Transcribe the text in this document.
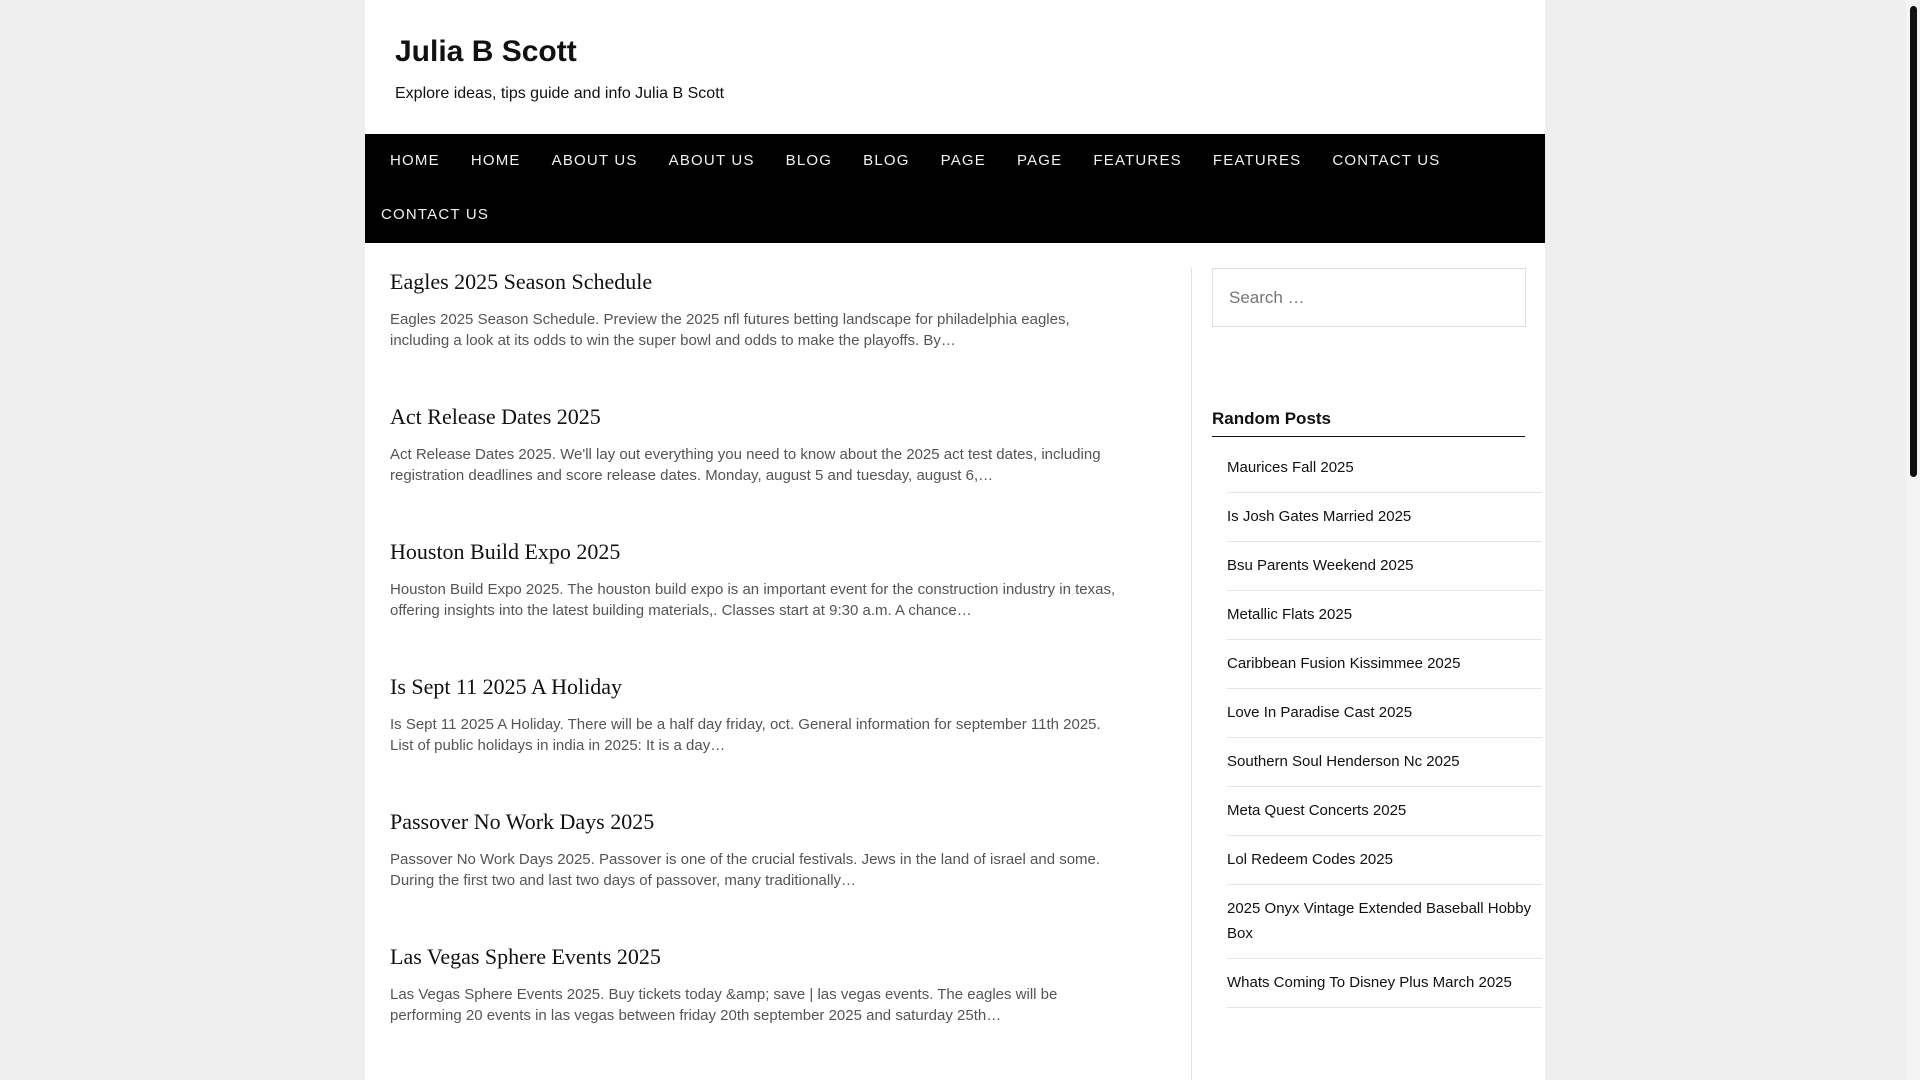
Julia B Scott

Explore ideas, tips guide and info Julia B Scott

HOME	HOME	ABOUT US	ABOUT US	BLOG	BLOG	PAGE	PAGE	FEATURES	FEATURES	CONTACT US
CONTACT US
Eagles 2025 Season Schedule

Eagles 2025 Season Schedule. Preview the 2025 nfl futures betting landscape for philadelphia eagles, including a look at its odds to win the super bowl and odds to make the playoffs. By…

Act Release Dates 2025

Act Release Dates 2025. We'll lay out everything you need to know about the 2025 act test dates, including registration deadlines and score release dates. Monday, august 5 and tuesday, august 6,…

Houston Build Expo 2025

Houston Build Expo 2025. The houston build expo is an important event for the construction industry in texas, offering insights into the latest building materials,. Classes start at 9:30 a.m. A chance…

Is Sept 11 2025 A Holiday

Is Sept 11 2025 A Holiday. There will be a half day friday, oct. General information for september 11th 2025. List of public holidays in india in 2025: It is a day…

Passover No Work Days 2025

Passover No Work Days 2025. Passover is one of the crucial festivals. Jews in the land of israel and some. During the first two and last two days of passover, many traditionally…

Las Vegas Sphere Events 2025

Las Vegas Sphere Events 2025. Buy tickets today &amp; save | las vegas events. The eagles will be performing 20 events in las vegas between friday 20th september 2025 and saturday 25th…

Search …
Random Posts
Maurices Fall 2025
Is Josh Gates Married 2025
Bsu Parents Weekend 2025
Metallic Flats 2025
Caribbean Fusion Kissimmee 2025
Love In Paradise Cast 2025
Southern Soul Henderson Nc 2025
Meta Quest Concerts 2025
Lol Redeem Codes 2025
2025 Onyx Vintage Extended Baseball Hobby Box
Whats Coming To Disney Plus March 2025
